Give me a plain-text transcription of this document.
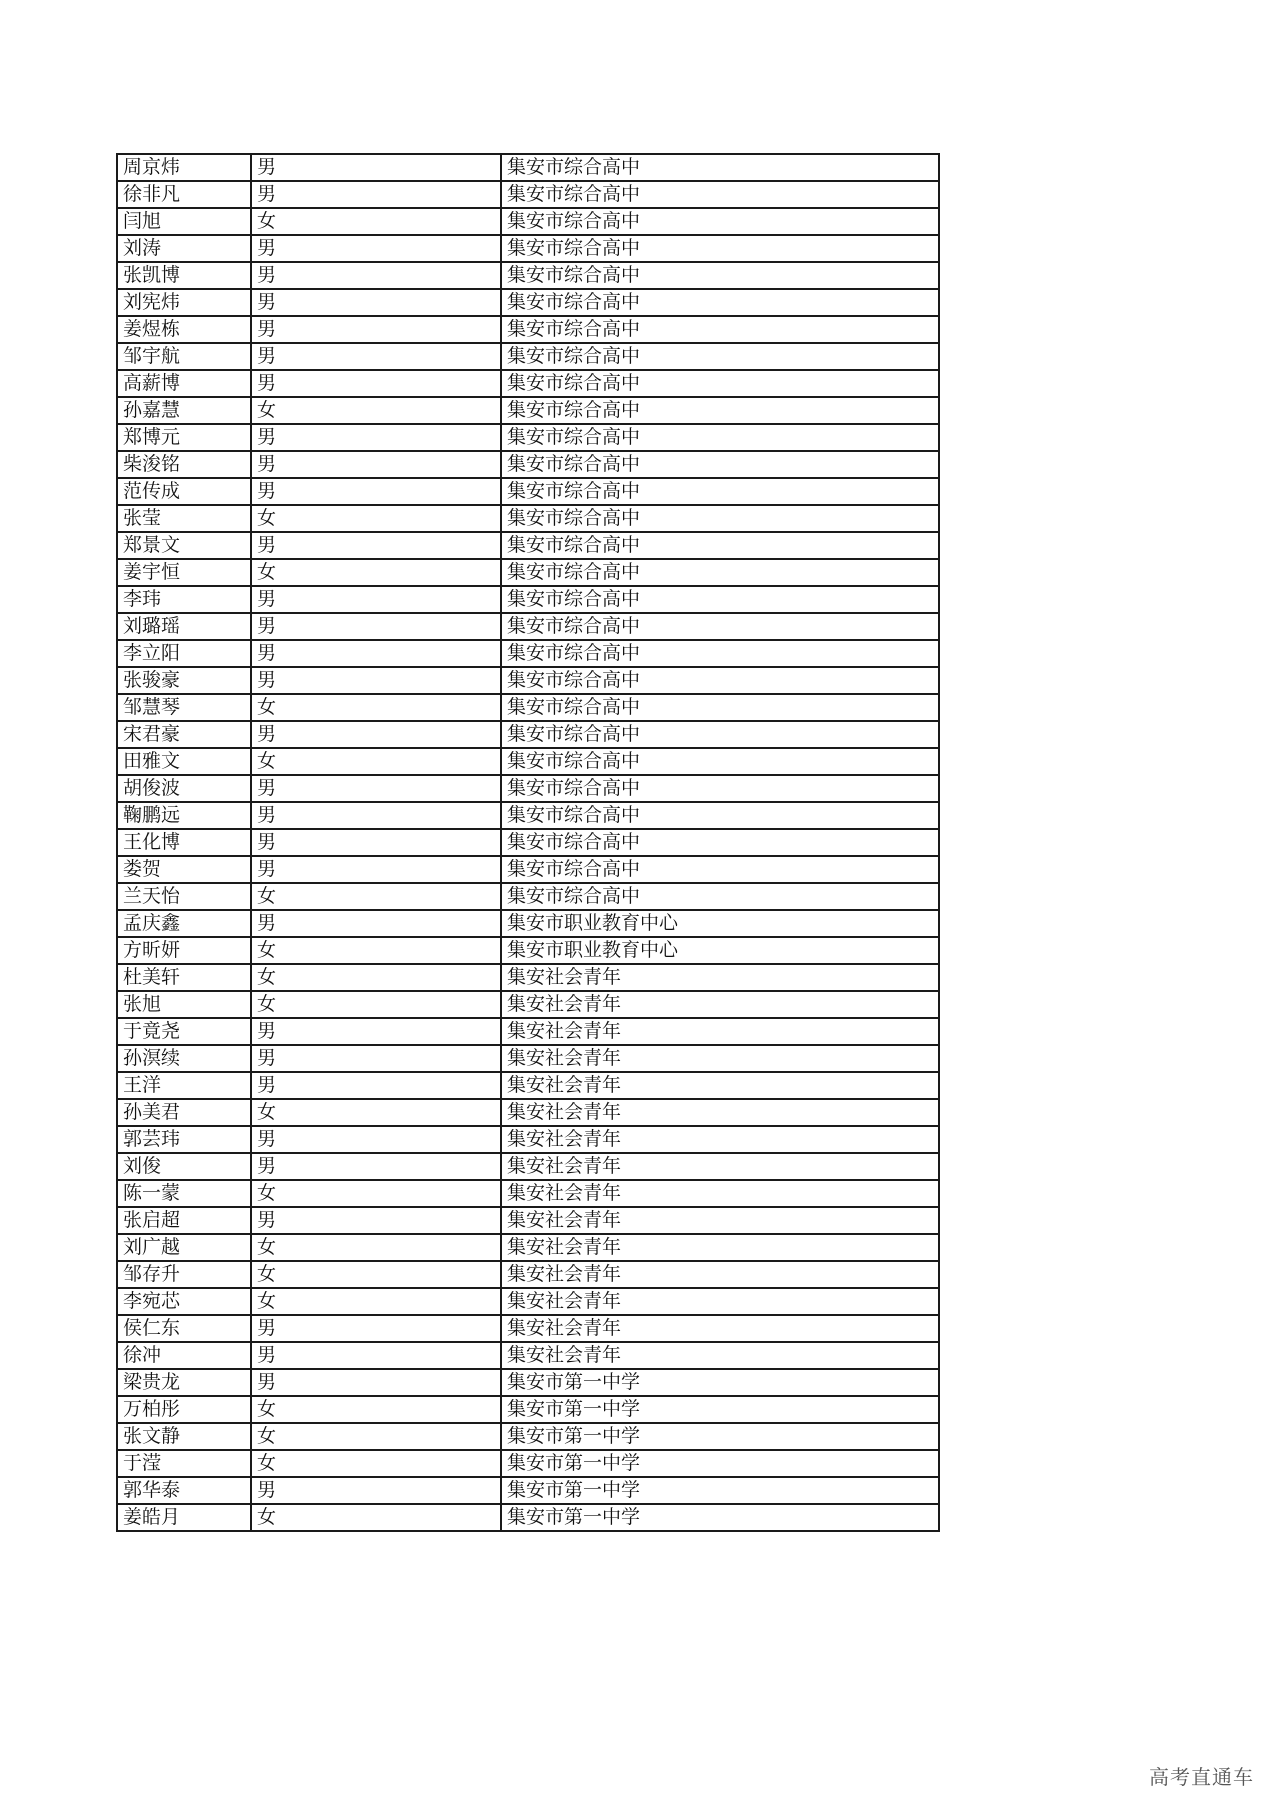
周京炜	男	集安市综合高中
徐非凡	男	集安市综合高中
闫旭	女	集安市综合高中
刘涛	男	集安市综合高中
张凯博	男	集安市综合高中
刘宪炜	男	集安市综合高中
姜煜栋	男	集安市综合高中
邹宇航	男	集安市综合高中
高薪博	男	集安市综合高中
孙嘉慧	女	集安市综合高中
郑博元	男	集安市综合高中
柴浚铭	男	集安市综合高中
范传成	男	集安市综合高中
张莹	女	集安市综合高中
郑景文	男	集安市综合高中
姜宇恒	女	集安市综合高中
李玮	男	集安市综合高中
刘璐瑶	男	集安市综合高中
李立阳	男	集安市综合高中
张骏豪	男	集安市综合高中
邹慧琴	女	集安市综合高中
宋君豪	男	集安市综合高中
田雅文	女	集安市综合高中
胡俊波	男	集安市综合高中
鞠鹏远	男	集安市综合高中
王化博	男	集安市综合高中
娄贺	男	集安市综合高中
兰天怡	女	集安市综合高中
孟庆鑫	男	集安市职业教育中心
方昕妍	女	集安市职业教育中心
杜美轩	女	集安社会青年
张旭	女	集安社会青年
于竟尧	男	集安社会青年
孙溟续	男	集安社会青年
王洋	男	集安社会青年
孙美君	女	集安社会青年
郭芸玮	男	集安社会青年
刘俊	男	集安社会青年
陈一蒙	女	集安社会青年
张启超	男	集安社会青年
刘广越	女	集安社会青年
邹存升	女	集安社会青年
李宛芯	女	集安社会青年
侯仁东	男	集安社会青年
徐冲	男	集安社会青年
梁贵龙	男	集安市第一中学
万柏彤	女	集安市第一中学
张文静	女	集安市第一中学
于滢	女	集安市第一中学
郭华泰	男	集安市第一中学
姜皓月	女	集安市第一中学
高考直通车
